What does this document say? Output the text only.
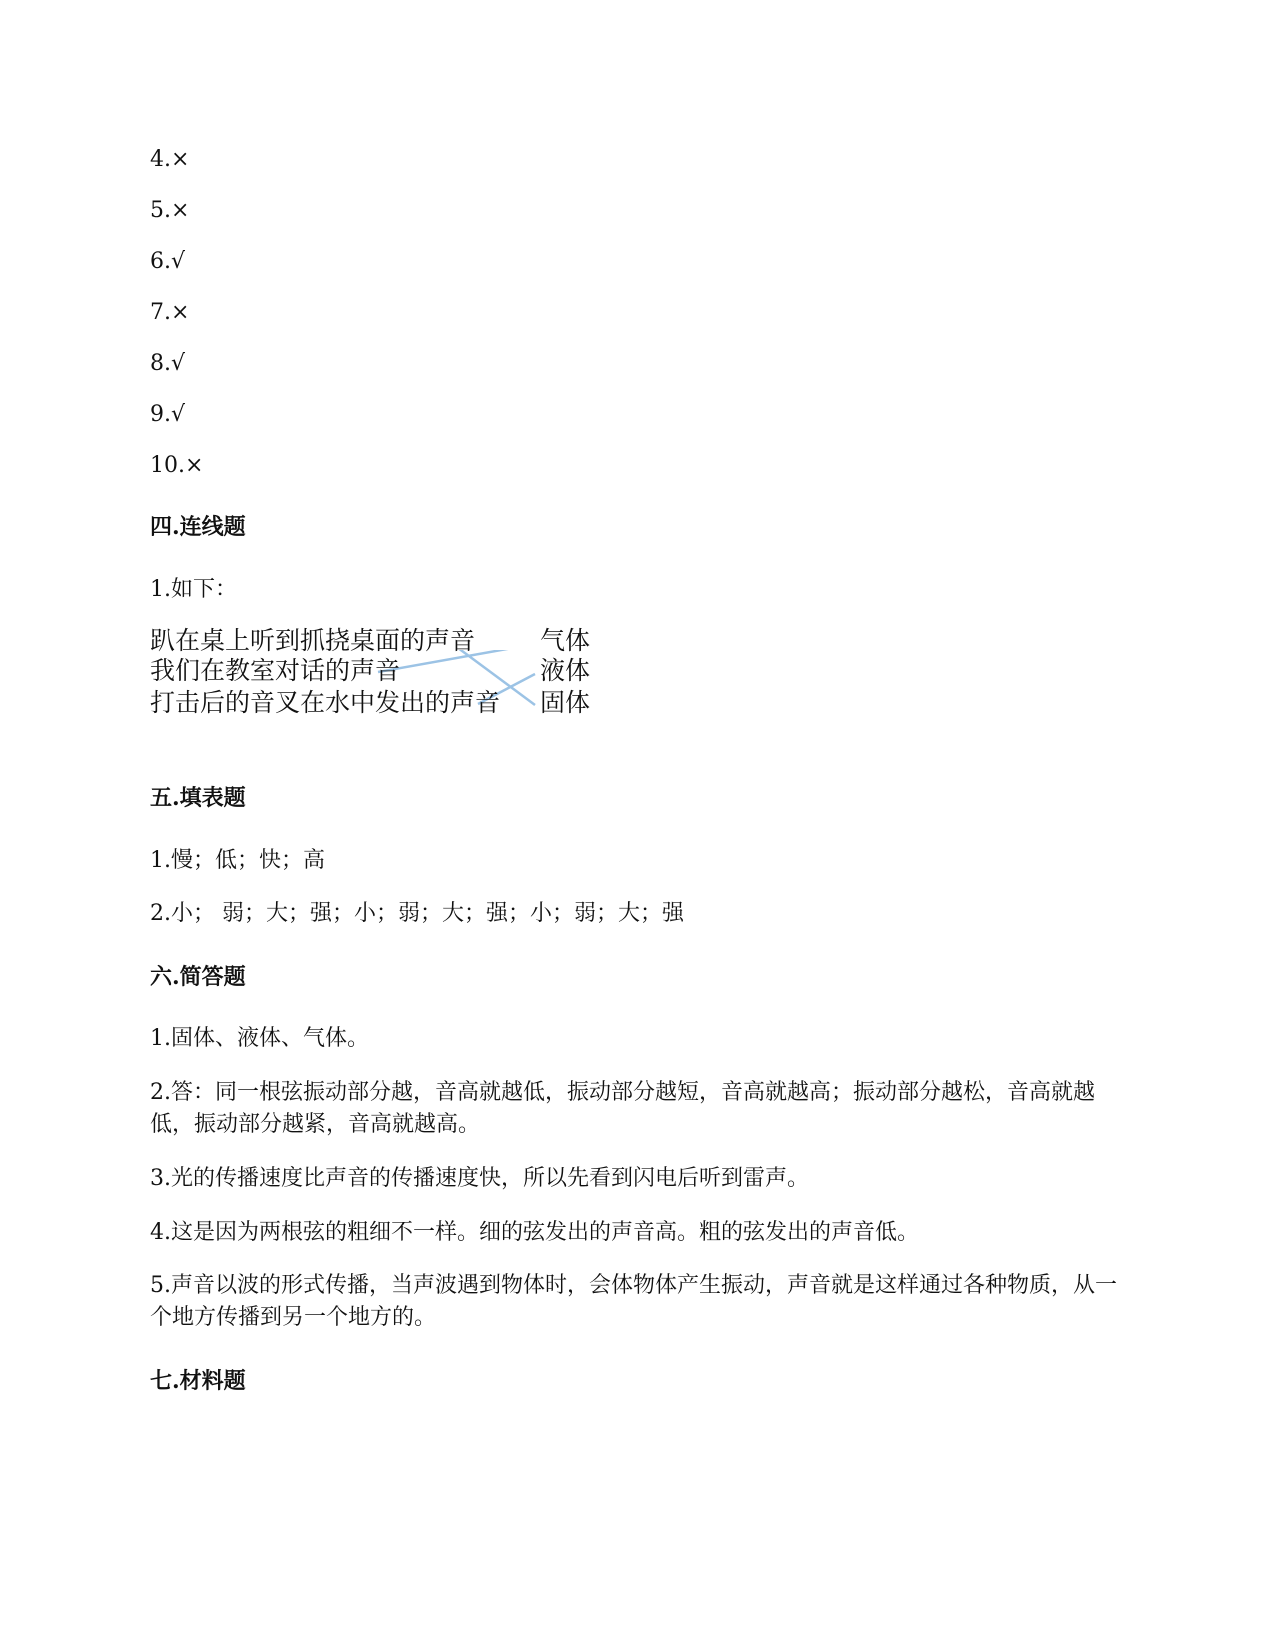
4.×
5.×
6.√
7.×
8.√
9.√
10.×
四.连线题
1.如下：
趴在桌上听到抓挠桌面的声音
我们在教室对话的声音
打击后的音叉在水中发出的声音
气体
液体
固体
五.填表题
1.慢；低；快；高
2.小； 弱；大；强；小；弱；大；强；小；弱；大；强
六.简答题
1.固体、液体、气体。
2.答：同一根弦振动部分越，音高就越低，振动部分越短，音高就越高；振动部分越松，音高就越低，振动部分越紧，音高就越高。
3.光的传播速度比声音的传播速度快，所以先看到闪电后听到雷声。
4.这是因为两根弦的粗细不一样。细的弦发出的声音高。粗的弦发出的声音低。
5.声音以波的形式传播，当声波遇到物体时，会体物体产生振动，声音就是这样通过各种物质，从一个地方传播到另一个地方的。
七.材料题
